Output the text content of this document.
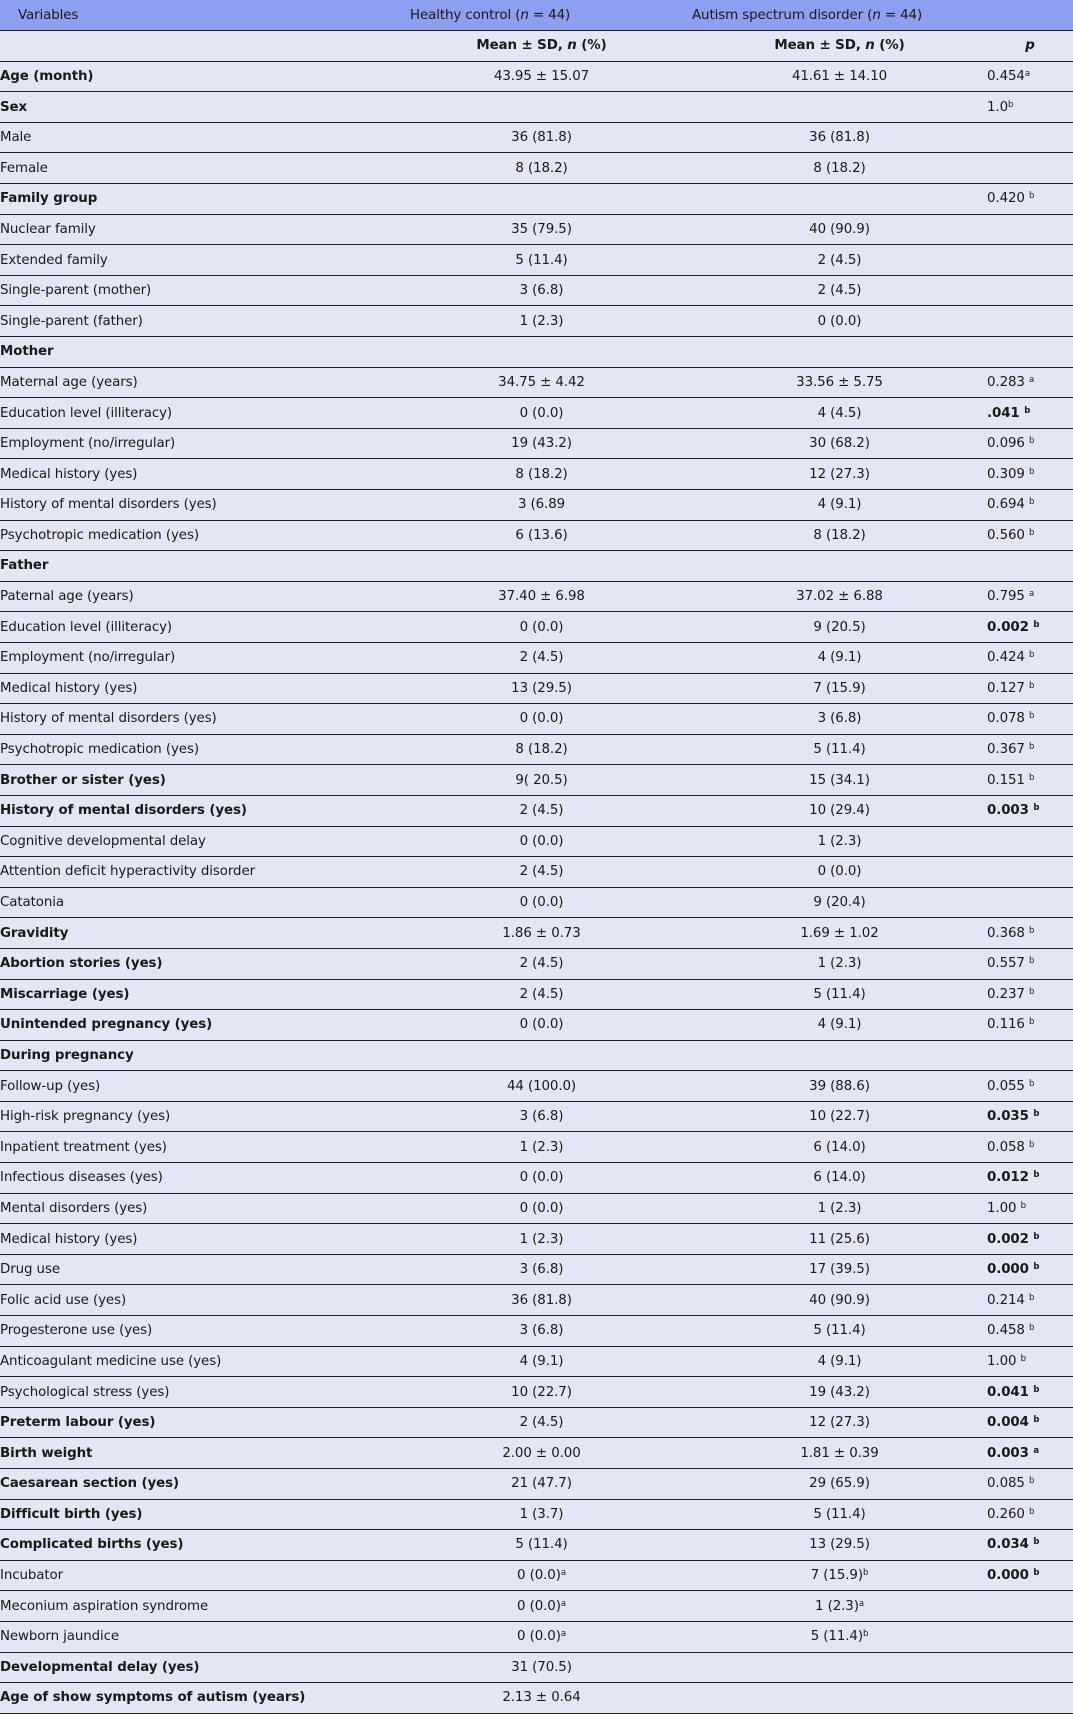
Variables	Healthy control (n = 44)	Autism spectrum disorder (n = 44)	
	Mean ± SD, n (%)	Mean ± SD, n (%)	p
Age (month)	43.95 ± 15.07	41.61 ± 14.10	0.454$^a$
Sex			1.0$^b$
Male	36 (81.8)	36 (81.8)	
Female	8 (18.2)	8 (18.2)	
Family group			0.420 $^b$
Nuclear family	35 (79.5)	40 (90.9)	
Extended family	5 (11.4)	2 (4.5)	
Single-parent (mother)	3 (6.8)	2 (4.5)	
Single-parent (father)	1 (2.3)	0 (0.0)	
Mother			
Maternal age (years)	34.75 ± 4.42	33.56 ± 5.75	0.283 $^a$
Education level (illiteracy)	0 (0.0)	4 (4.5)	.041 $^b$
Employment (no/irregular)	19 (43.2)	30 (68.2)	0.096 $^b$
Medical history (yes)	8 (18.2)	12 (27.3)	0.309 $^b$
History of mental disorders (yes)	3 (6.89	4 (9.1)	0.694 $^b$
Psychotropic medication (yes)	6 (13.6)	8 (18.2)	0.560 $^b$
Father			
Paternal age (years)	37.40 ± 6.98	37.02 ± 6.88	0.795 $^a$
Education level (illiteracy)	0 (0.0)	9 (20.5)	0.002 $^b$
Employment (no/irregular)	2 (4.5)	4 (9.1)	0.424 $^b$
Medical history (yes)	13 (29.5)	7 (15.9)	0.127 $^b$
History of mental disorders (yes)	0 (0.0)	3 (6.8)	0.078 $^b$
Psychotropic medication (yes)	8 (18.2)	5 (11.4)	0.367 $^b$
Brother or sister (yes)	9( 20.5)	15 (34.1)	0.151 $^b$
History of mental disorders (yes)	2 (4.5)	10 (29.4)	0.003 $^b$
Cognitive developmental delay	0 (0.0)	1 (2.3)	
Attention deficit hyperactivity disorder	2 (4.5)	0 (0.0)	
Catatonia	0 (0.0)	9 (20.4)	
Gravidity	1.86 ± 0.73	1.69 ± 1.02	0.368 $^b$
Abortion stories (yes)	2 (4.5)	1 (2.3)	0.557 $^b$
Miscarriage (yes)	2 (4.5)	5 (11.4)	0.237 $^b$
Unintended pregnancy (yes)	0 (0.0)	4 (9.1)	0.116 $^b$
During pregnancy			
Follow-up (yes)	44 (100.0)	39 (88.6)	0.055 $^b$
High-risk pregnancy (yes)	3 (6.8)	10 (22.7)	0.035 $^b$
Inpatient treatment (yes)	1 (2.3)	6 (14.0)	0.058 $^b$
Infectious diseases (yes)	0 (0.0)	6 (14.0)	0.012 $^b$
Mental disorders (yes)	0 (0.0)	1 (2.3)	1.00 $^b$
Medical history (yes)	1 (2.3)	11 (25.6)	0.002 $^b$
Drug use	3 (6.8)	17 (39.5)	0.000 $^b$
Folic acid use (yes)	36 (81.8)	40 (90.9)	0.214 $^b$
Progesterone use (yes)	3 (6.8)	5 (11.4)	0.458 $^b$
Anticoagulant medicine use (yes)	4 (9.1)	4 (9.1)	1.00 $^b$
Psychological stress (yes)	10 (22.7)	19 (43.2)	0.041 $^b$
Preterm labour (yes)	2 (4.5)	12 (27.3)	0.004 $^b$
Birth weight	2.00 ± 0.00	1.81 ± 0.39	0.003 $^a$
Caesarean section (yes)	21 (47.7)	29 (65.9)	0.085 $^b$
Difficult birth (yes)	1 (3.7)	5 (11.4)	0.260 $^b$
Complicated births (yes)	5 (11.4)	13 (29.5)	0.034 $^b$
Incubator	0 $(0.0)^a$	7 $(15.9)^b$	0.000 $^b$
Meconium aspiration syndrome	0 $(0.0)^a$	1 $(2.3)^a$	
Newborn jaundice	0 $(0.0)^a$	5 $(11.4)^b$	
Developmental delay (yes)	31 (70.5)		
Age of show symptoms of autism (years)	2.13 ± 0.64		
